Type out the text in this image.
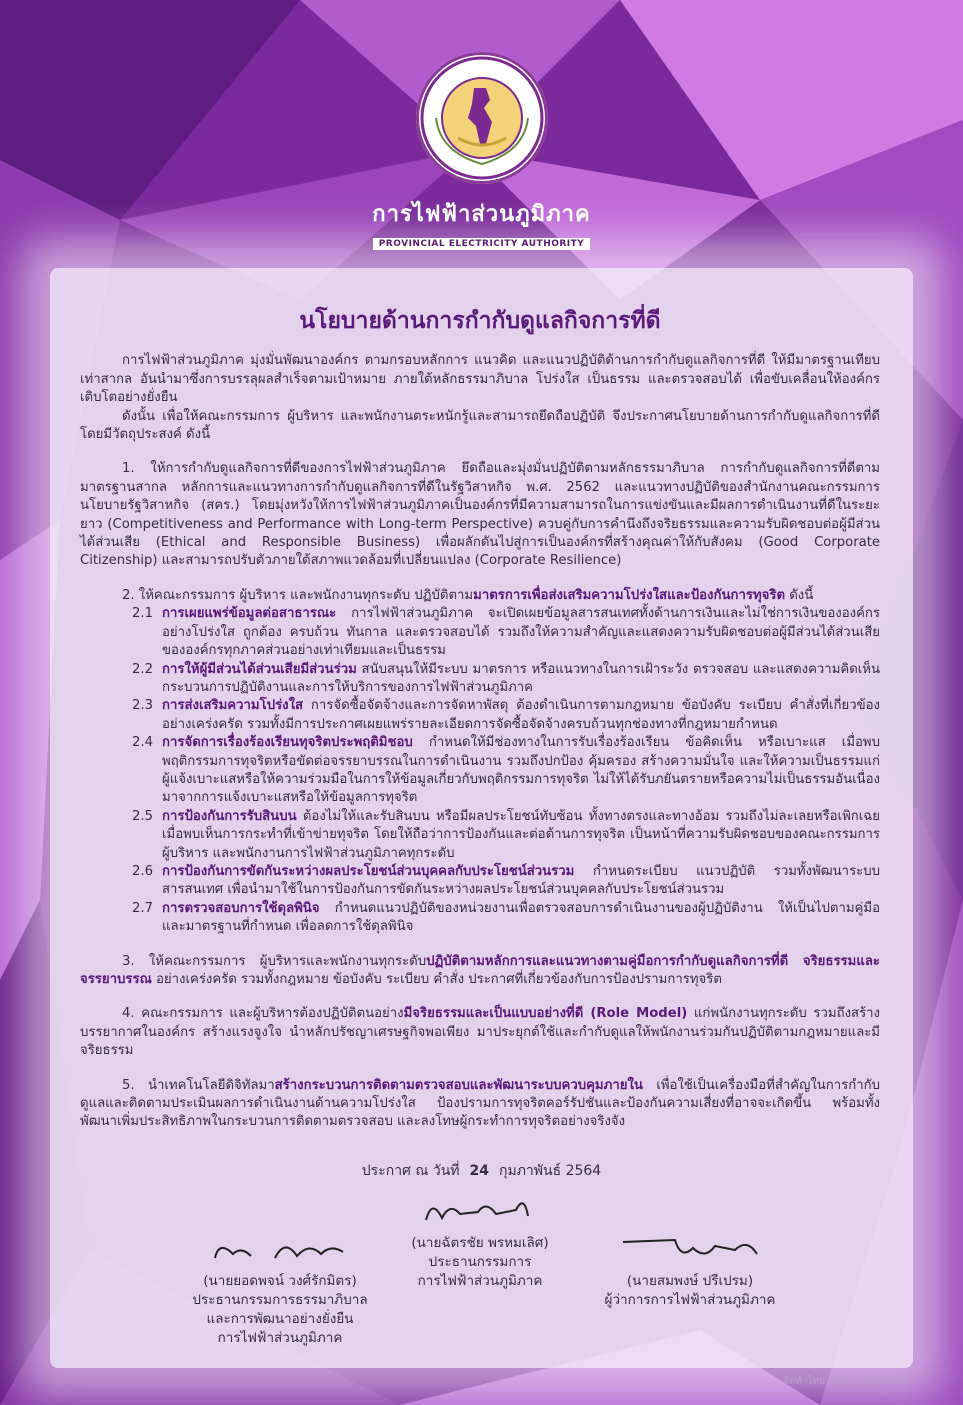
การไฟฟ้าส่วนภูมิภาค
PROVINCIAL ELECTRICITY AUTHORITY
นโยบายด้านการกำกับดูแลกิจการที่ดี

การไฟฟ้าส่วนภูมิภาค มุ่งมั่นพัฒนาองค์กร ตามกรอบหลักการ แนวคิด และแนวปฏิบัติด้านการกำกับดูแลกิจการที่ดี ให้มีมาตรฐานเทียบเท่าสากล อันนำมาซึ่งการบรรลุผลสำเร็จตามเป้าหมาย ภายใต้หลักธรรมาภิบาล โปร่งใส เป็นธรรม และตรวจสอบได้ เพื่อขับเคลื่อนให้องค์กรเติบโตอย่างยั่งยืน

ดังนั้น เพื่อให้คณะกรรมการ ผู้บริหาร และพนักงานตระหนักรู้และสามารถยึดถือปฏิบัติ จึงประกาศนโยบายด้านการกำกับดูแลกิจการที่ดี โดยมีวัตถุประสงค์ ดังนี้

1. ให้การกำกับดูแลกิจการที่ดีของการไฟฟ้าส่วนภูมิภาค ยึดถือและมุ่งมั่นปฏิบัติตามหลักธรรมาภิบาล การกำกับดูแลกิจการที่ดีตามมาตรฐานสากล หลักการและแนวทางการกำกับดูแลกิจการที่ดีในรัฐวิสาหกิจ พ.ศ. 2562 และแนวทางปฏิบัติของสำนักงานคณะกรรมการนโยบายรัฐวิสาหกิจ (สคร.) โดยมุ่งหวังให้การไฟฟ้าส่วนภูมิภาคเป็นองค์กรที่มีความสามารถในการแข่งขันและมีผลการดำเนินงานที่ดีในระยะยาว (Competitiveness and Performance with Long-term Perspective) ควบคู่กับการคำนึงถึงจริยธรรมและความรับผิดชอบต่อผู้มีส่วนได้ส่วนเสีย (Ethical and Responsible Business) เพื่อผลักดันไปสู่การเป็นองค์กรที่สร้างคุณค่าให้กับสังคม (Good Corporate Citizenship) และสามารถปรับตัวภายใต้สภาพแวดล้อมที่เปลี่ยนแปลง (Corporate Resilience)

2. ให้คณะกรรมการ ผู้บริหาร และพนักงานทุกระดับ ปฏิบัติตามมาตรการเพื่อส่งเสริมความโปร่งใสและป้องกันการทุจริต ดังนี้

2.1 การเผยแพร่ข้อมูลต่อสาธารณะ การไฟฟ้าส่วนภูมิภาค จะเปิดเผยข้อมูลสารสนเทศทั้งด้านการเงินและไม่ใช่การเงินขององค์กรอย่างโปร่งใส ถูกต้อง ครบถ้วน ทันกาล และตรวจสอบได้ รวมถึงให้ความสำคัญและแสดงความรับผิดชอบต่อผู้มีส่วนได้ส่วนเสียขององค์กรทุกภาคส่วนอย่างเท่าเทียมและเป็นธรรม
2.2 การให้ผู้มีส่วนได้ส่วนเสียมีส่วนร่วม สนับสนุนให้มีระบบ มาตรการ หรือแนวทางในการเฝ้าระวัง ตรวจสอบ และแสดงความคิดเห็นกระบวนการปฏิบัติงานและการให้บริการของการไฟฟ้าส่วนภูมิภาค
2.3 การส่งเสริมความโปร่งใส การจัดซื้อจัดจ้างและการจัดหาพัสดุ ต้องดำเนินการตามกฎหมาย ข้อบังคับ ระเบียบ คำสั่งที่เกี่ยวข้องอย่างเคร่งครัด รวมทั้งมีการประกาศเผยแพร่รายละเอียดการจัดซื้อจัดจ้างครบถ้วนทุกช่องทางที่กฎหมายกำหนด
2.4 การจัดการเรื่องร้องเรียนทุจริตประพฤติมิชอบ กำหนดให้มีช่องทางในการรับเรื่องร้องเรียน ข้อคิดเห็น หรือเบาะแส เมื่อพบพฤติกรรมการทุจริตหรือขัดต่อจรรยาบรรณในการดำเนินงาน รวมถึงปกป้อง คุ้มครอง สร้างความมั่นใจ และให้ความเป็นธรรมแก่ผู้แจ้งเบาะแสหรือให้ความร่วมมือในการให้ข้อมูลเกี่ยวกับพฤติกรรมการทุจริต ไม่ให้ได้รับภยันตรายหรือความไม่เป็นธรรมอันเนื่องมาจากการแจ้งเบาะแสหรือให้ข้อมูลการทุจริต
2.5 การป้องกันการรับสินบน ต้องไม่ให้และรับสินบน หรือมีผลประโยชน์ทับซ้อน ทั้งทางตรงและทางอ้อม รวมถึงไม่ละเลยหรือเพิกเฉยเมื่อพบเห็นการกระทำที่เข้าข่ายทุจริต โดยให้ถือว่าการป้องกันและต่อต้านการทุจริต เป็นหน้าที่ความรับผิดชอบของคณะกรรมการ ผู้บริหาร และพนักงานการไฟฟ้าส่วนภูมิภาคทุกระดับ
2.6 การป้องกันการขัดกันระหว่างผลประโยชน์ส่วนบุคคลกับประโยชน์ส่วนรวม กำหนดระเบียบ แนวปฏิบัติ รวมทั้งพัฒนาระบบสารสนเทศ เพื่อนำมาใช้ในการป้องกันการขัดกันระหว่างผลประโยชน์ส่วนบุคคลกับประโยชน์ส่วนรวม
2.7 การตรวจสอบการใช้ดุลพินิจ กำหนดแนวปฏิบัติของหน่วยงานเพื่อตรวจสอบการดำเนินงานของผู้ปฏิบัติงาน ให้เป็นไปตามคู่มือและมาตรฐานที่กำหนด เพื่อลดการใช้ดุลพินิจ

3. ให้คณะกรรมการ ผู้บริหารและพนักงานทุกระดับปฏิบัติตามหลักการและแนวทางตามคู่มือการกำกับดูแลกิจการที่ดี จริยธรรมและจรรยาบรรณ อย่างเคร่งครัด รวมทั้งกฎหมาย ข้อบังคับ ระเบียบ คำสั่ง ประกาศที่เกี่ยวข้องกับการป้องปรามการทุจริต

4. คณะกรรมการ และผู้บริหารต้องปฏิบัติตนอย่างมีจริยธรรมและเป็นแบบอย่างที่ดี (Role Model) แก่พนักงานทุกระดับ รวมถึงสร้างบรรยากาศในองค์กร สร้างแรงจูงใจ นำหลักปรัชญาเศรษฐกิจพอเพียง มาประยุกต์ใช้และกำกับดูแลให้พนักงานร่วมกันปฏิบัติตามกฎหมายและมีจริยธรรม

5. นำเทคโนโลยีดิจิทัลมาสร้างกระบวนการติดตามตรวจสอบและพัฒนาระบบควบคุมภายใน เพื่อใช้เป็นเครื่องมือที่สำคัญในการกำกับดูแลและติดตามประเมินผลการดำเนินงานด้านความโปร่งใส ป้องปรามการทุจริตคอร์รัปชันและป้องกันความเสี่ยงที่อาจจะเกิดขึ้น พร้อมทั้งพัฒนาเพิ่มประสิทธิภาพในกระบวนการติดตามตรวจสอบ และลงโทษผู้กระทำการทุจริตอย่างจริงจัง

ประกาศ ณ วันที่ 24 กุมภาพันธ์ 2564
(นายฉัตรชัย พรหมเลิศ)
ประธานกรรมการ
การไฟฟ้าส่วนภูมิภาค
(นายยอดพจน์ วงศ์รักมิตร)
ประธานกรรมการธรรมาภิบาล
และการพัฒนาอย่างยั่งยืน
การไฟฟ้าส่วนภูมิภาค
(นายสมพงษ์ ปรีเปรม)
ผู้ว่าการการไฟฟ้าส่วนภูมิภาค
จัดทำโดย กองประชาสัมพันธ์
